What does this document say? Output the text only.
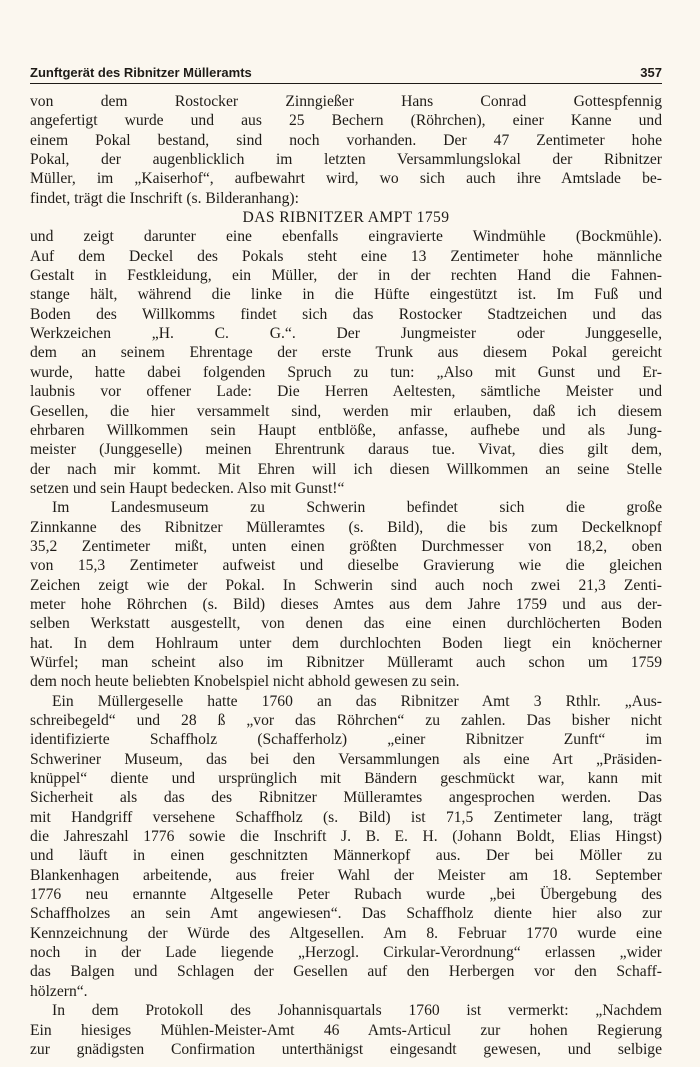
Zunftgerät des Ribnitzer Mülleramts	357

von dem Rostocker Zinngießer Hans Conrad Gottespfennig
angefertigt wurde und aus 25 Bechern (Röhrchen), einer Kanne und
einem Pokal bestand, sind noch vorhanden. Der 47 Zentimeter hohe
Pokal, der augenblicklich im letzten Versammlungslokal der Ribnitzer
Müller, im „Kaiserhof“, aufbewahrt wird, wo sich auch ihre Amtslade be-
findet, trägt die Inschrift (s. Bilderanhang):

DAS RIBNITZER AMPT 1759

und zeigt darunter eine ebenfalls eingravierte Windmühle (Bockmühle).
Auf dem Deckel des Pokals steht eine 13 Zentimeter hohe männliche
Gestalt in Festkleidung, ein Müller, der in der rechten Hand die Fahnen-
stange hält, während die linke in die Hüfte eingestützt ist. Im Fuß und
Boden des Willkomms findet sich das Rostocker Stadtzeichen und das
Werkzeichen „H. C. G.“. Der Jungmeister oder Junggeselle,
dem an seinem Ehrentage der erste Trunk aus diesem Pokal gereicht
wurde, hatte dabei folgenden Spruch zu tun: „Also mit Gunst und Er-
laubnis vor offener Lade: Die Herren Aeltesten, sämtliche Meister und
Gesellen, die hier versammelt sind, werden mir erlauben, daß ich diesem
ehrbaren Willkommen sein Haupt entblöße, anfasse, aufhebe und als Jung-
meister (Junggeselle) meinen Ehrentrunk daraus tue. Vivat, dies gilt dem,
der nach mir kommt. Mit Ehren will ich diesen Willkommen an seine Stelle
setzen und sein Haupt bedecken. Also mit Gunst!“

Im Landesmuseum zu Schwerin befindet sich die große
Zinnkanne des Ribnitzer Mülleramtes (s. Bild), die bis zum Deckelknopf
35,2 Zentimeter mißt, unten einen größten Durchmesser von 18,2, oben
von 15,3 Zentimeter aufweist und dieselbe Gravierung wie die gleichen
Zeichen zeigt wie der Pokal. In Schwerin sind auch noch zwei 21,3 Zenti-
meter hohe Röhrchen (s. Bild) dieses Amtes aus dem Jahre 1759 und aus der-
selben Werkstatt ausgestellt, von denen das eine einen durchlöcherten Boden
hat. In dem Hohlraum unter dem durchlochten Boden liegt ein knöcherner
Würfel; man scheint also im Ribnitzer Mülleramt auch schon um 1759
dem noch heute beliebten Knobelspiel nicht abhold gewesen zu sein.

Ein Müllergeselle hatte 1760 an das Ribnitzer Amt 3 Rthlr. „Aus-
schreibegeld“ und 28 ß „vor das Röhrchen“ zu zahlen. Das bisher nicht
identifizierte Schaffholz (Schafferholz) „einer Ribnitzer Zunft“ im
Schweriner Museum, das bei den Versammlungen als eine Art „Präsiden-
knüppel“ diente und ursprünglich mit Bändern geschmückt war, kann mit
Sicherheit als das des Ribnitzer Mülleramtes angesprochen werden. Das
mit Handgriff versehene Schaffholz (s. Bild) ist 71,5 Zentimeter lang, trägt
die Jahreszahl 1776 sowie die Inschrift J. B. E. H. (Johann Boldt, Elias Hingst)
und läuft in einen geschnitzten Männerkopf aus. Der bei Möller zu
Blankenhagen arbeitende, aus freier Wahl der Meister am 18. September
1776 neu ernannte Altgeselle Peter Rubach wurde „bei Übergebung des
Schaffholzes an sein Amt angewiesen“. Das Schaffholz diente hier also zur
Kennzeichnung der Würde des Altgesellen. Am 8. Februar 1770 wurde eine
noch in der Lade liegende „Herzogl. Cirkular-Verordnung“ erlassen „wider
das Balgen und Schlagen der Gesellen auf den Herbergen vor den Schaff-
hölzern“.

In dem Protokoll des Johannisquartals 1760 ist vermerkt: „Nachdem
Ein hiesiges Mühlen-Meister-Amt 46 Amts-Articul zur hohen Regierung
zur gnädigsten Confirmation unterthänigst eingesandt gewesen, und selbige
